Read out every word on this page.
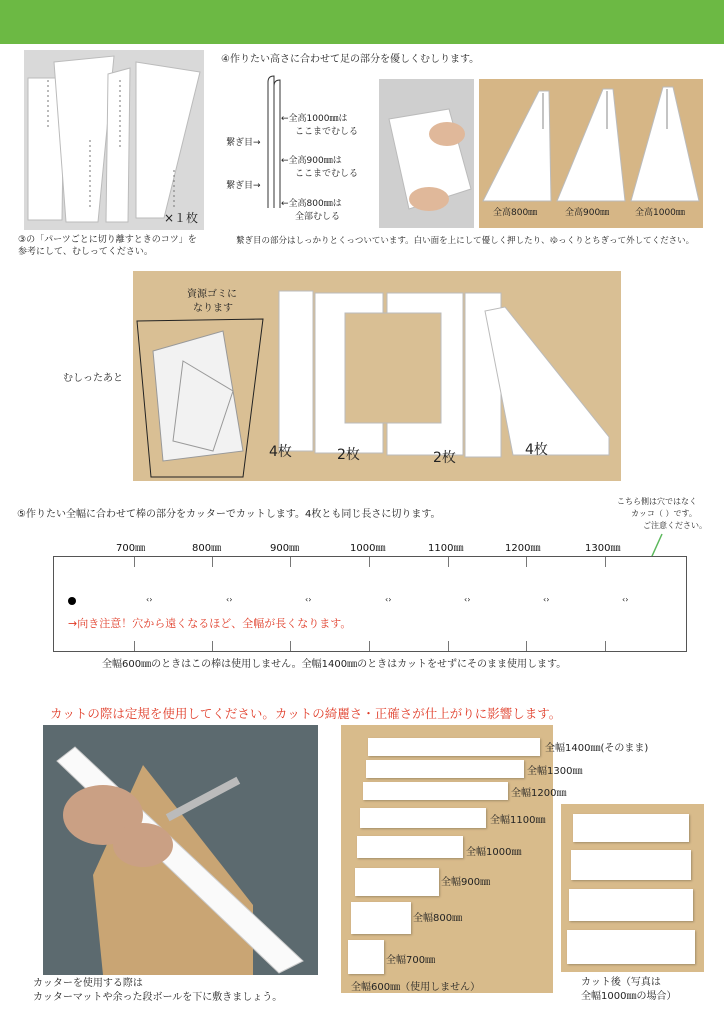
×１枚
③の「パーツごとに切り離すときのコツ」を
参考にして、むしってください。
④作りたい高さに合わせて足の部分を優しくむしります。
繋ぎ目→
繋ぎ目→
←全高1000㎜は
ここまでむしる
←全高900㎜は
ここまでむしる
←全高800㎜は
全部むしる	全高800㎜	全高900㎜	全高1000㎜
繋ぎ目の部分はしっかりとくっついています。白い面を上にして優しく押したり、ゆっくりとちぎって外してください。
むしったあと
資源ゴミに
なります
4枚	2枚	2枚	4枚
⑤作りたい全幅に合わせて棒の部分をカッターでカットします。4枚とも同じ長さに切ります。
こちら側は穴ではなく
カッコ（ ）です。
ご注意ください。
700㎜	800㎜	900㎜	1000㎜	1100㎜	1200㎜	1300㎜
‹›	‹›	‹›	‹›	‹›	‹›	‹›
→向き注意！穴から遠くなるほど、全幅が長くなります。
全幅600㎜のときはこの棒は使用しません。全幅1400㎜のときはカットをせずにそのまま使用します。
カットの際は定規を使用してください。カットの綺麗さ・正確さが仕上がりに影響します。
カッターを使用する際は
カッターマットや余った段ボールを下に敷きましょう。
全幅1400㎜(そのまま)
全幅1300㎜
全幅1200㎜
全幅1100㎜
全幅1000㎜
全幅900㎜
全幅800㎜
全幅700㎜
全幅600㎜（使用しません）	カット後（写真は
全幅1000㎜の場合）
